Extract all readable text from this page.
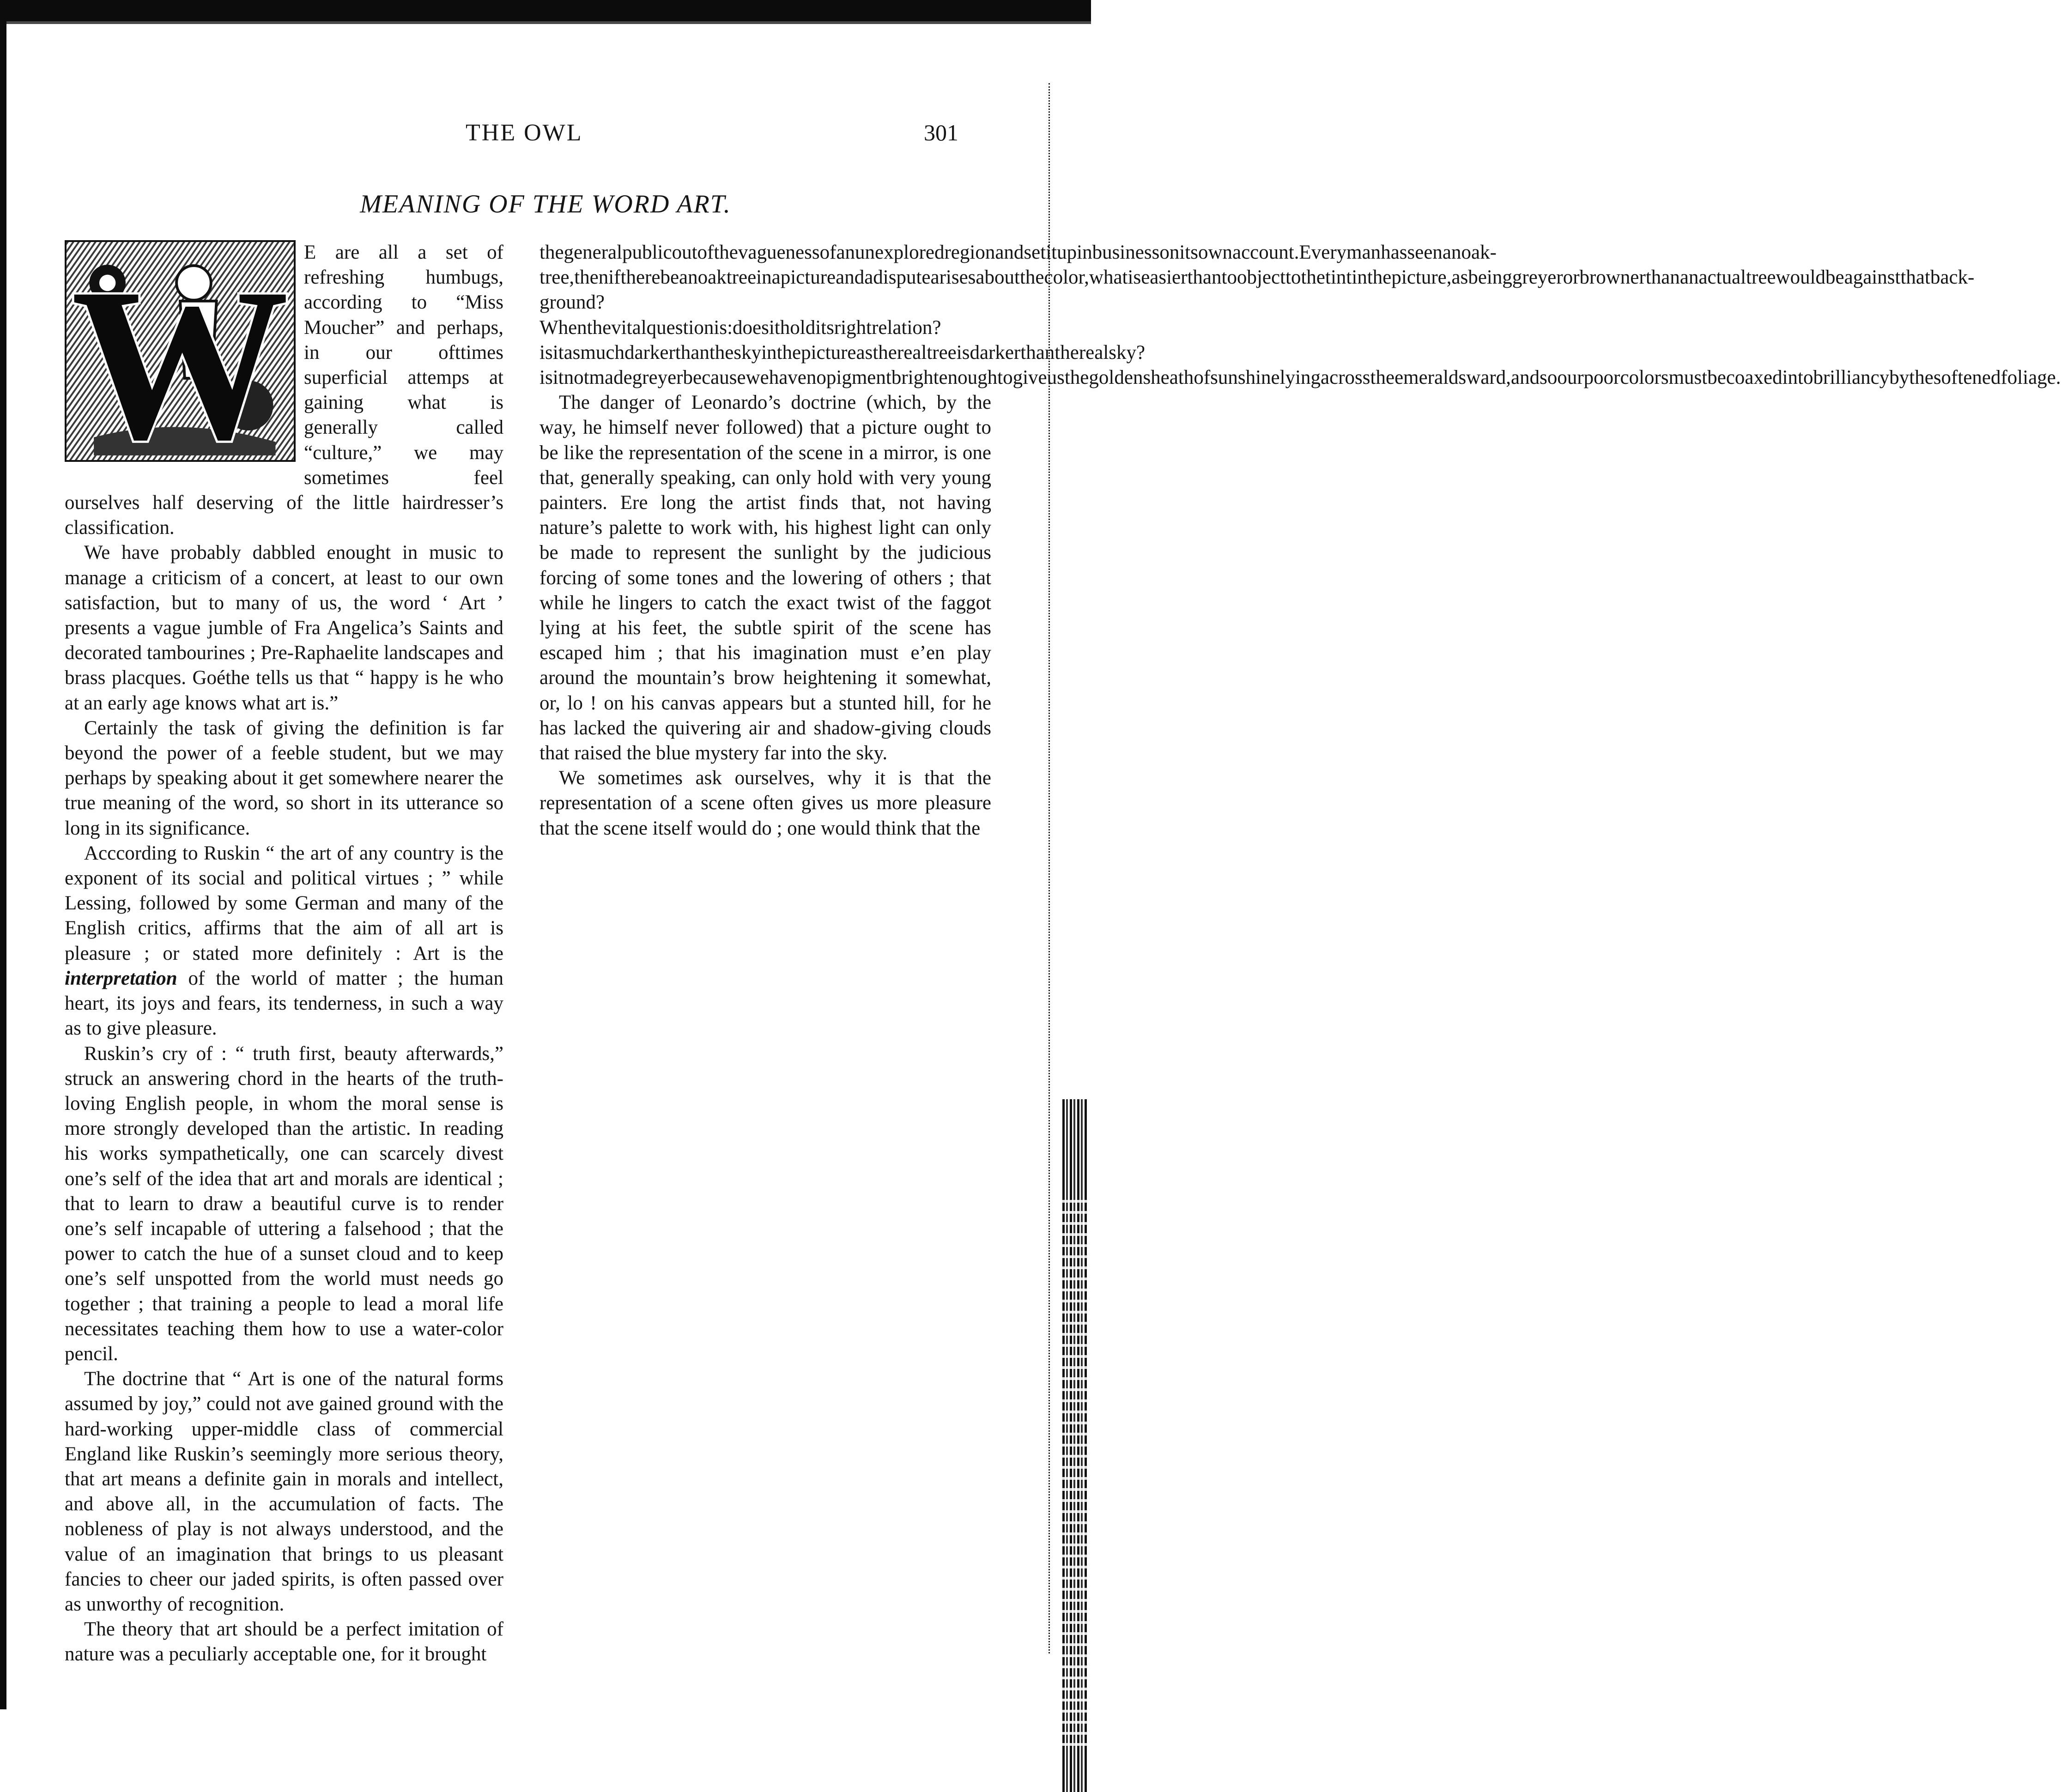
THE OWL	301
MEANING OF THE WORD ART.
W E are all a set of refreshing humbugs, according to “Miss Moucher” and perhaps, in our ofttimes superficial attemps at gaining what is generally called “culture,” we may sometimes feel ourselves half deserving of the little hairdresser’s classification.

We have probably dabbled enought in music to manage a criticism of a concert, at least to our own satisfaction, but to many of us, the word ‘ Art ’ presents a vague jumble of Fra Angelica’s Saints and decorated tambourines ; Pre-Raphaelite landscapes and brass placques. Goéthe tells us that “ happy is he who at an early age knows what art is.”

Certainly the task of giving the definition is far beyond the power of a feeble student, but we may perhaps by speaking about it get somewhere nearer the true meaning of the word, so short in its utterance so long in its significance.

Acccording to Ruskin “ the art of any country is the exponent of its social and political virtues ; ” while Lessing, followed by some German and many of the English critics, affirms that the aim of all art is pleasure ; or stated more definitely : Art is the interpretation of the world of matter ; the human heart, its joys and fears, its tenderness, in such a way as to give pleasure.

Ruskin’s cry of : “ truth first, beauty afterwards,” struck an answering chord in the hearts of the truth-loving English people, in whom the moral sense is more strongly developed than the artistic. In reading his works sympathetically, one can scarcely divest one’s self of the idea that art and morals are identical ; that to learn to draw a beautiful curve is to render one’s self incapable of uttering a falsehood ; that the power to catch the hue of a sunset cloud and to keep one’s self unspotted from the world must needs go together ; that training a people to lead a moral life necessitates teaching them how to use a water-color pencil.

The doctrine that “ Art is one of the natural forms assumed by joy,” could not ave gained ground with the hard-working upper-middle class of commercial England like Ruskin’s seemingly more serious theory, that art means a definite gain in morals and intellect, and above all, in the accumulation of facts. The nobleness of play is not always understood, and the value of an imagination that brings to us pleasant fancies to cheer our jaded spirits, is often passed over as unworthy of recognition.

The theory that art should be a perfect imitation of nature was a peculiarly acceptable one, for it brought

thegeneralpublicoutofthevaguenessofanunexploredregionandsetitupinbusinessonitsownaccount.Everymanhasseenanoak-tree,theniftherebeanoaktreeinapictureandadisputearisesaboutthecolor,whatiseasierthantoobjecttothetintinthepicture,asbeinggreyerorbrownerthananactualtreewouldbeagainstthatback-ground?Whenthevitalquestionis:doesitholditsrightrelation?isitasmuchdarkerthantheskyinthepictureastherealtreeisdarkerthantherealsky?isitnotmadegreyerbecausewehavenopigmentbrightenoughtogiveusthegoldensheathofsunshinelyingacrosstheemeraldsward,andsoourpoorcolorsmustbecoaxedintobrilliancybythesoftenedfoliage.

The danger of Leonardo’s doctrine (which, by the way, he himself never followed) that a picture ought to be like the representation of the scene in a mirror, is one that, generally speaking, can only hold with very young painters. Ere long the artist finds that, not having nature’s palette to work with, his highest light can only be made to represent the sunlight by the judicious forcing of some tones and the lowering of others ; that while he lingers to catch the exact twist of the faggot lying at his feet, the subtle spirit of the scene has escaped him ; that his imagination must e’en play around the mountain’s brow heightening it somewhat, or, lo ! on his canvas appears but a stunted hill, for he has lacked the quivering air and shadow-giving clouds that raised the blue mystery far into the sky.

We sometimes ask ourselves, why it is that the representation of a scene often gives us more pleasure that the scene itself would do ; one would think that the
